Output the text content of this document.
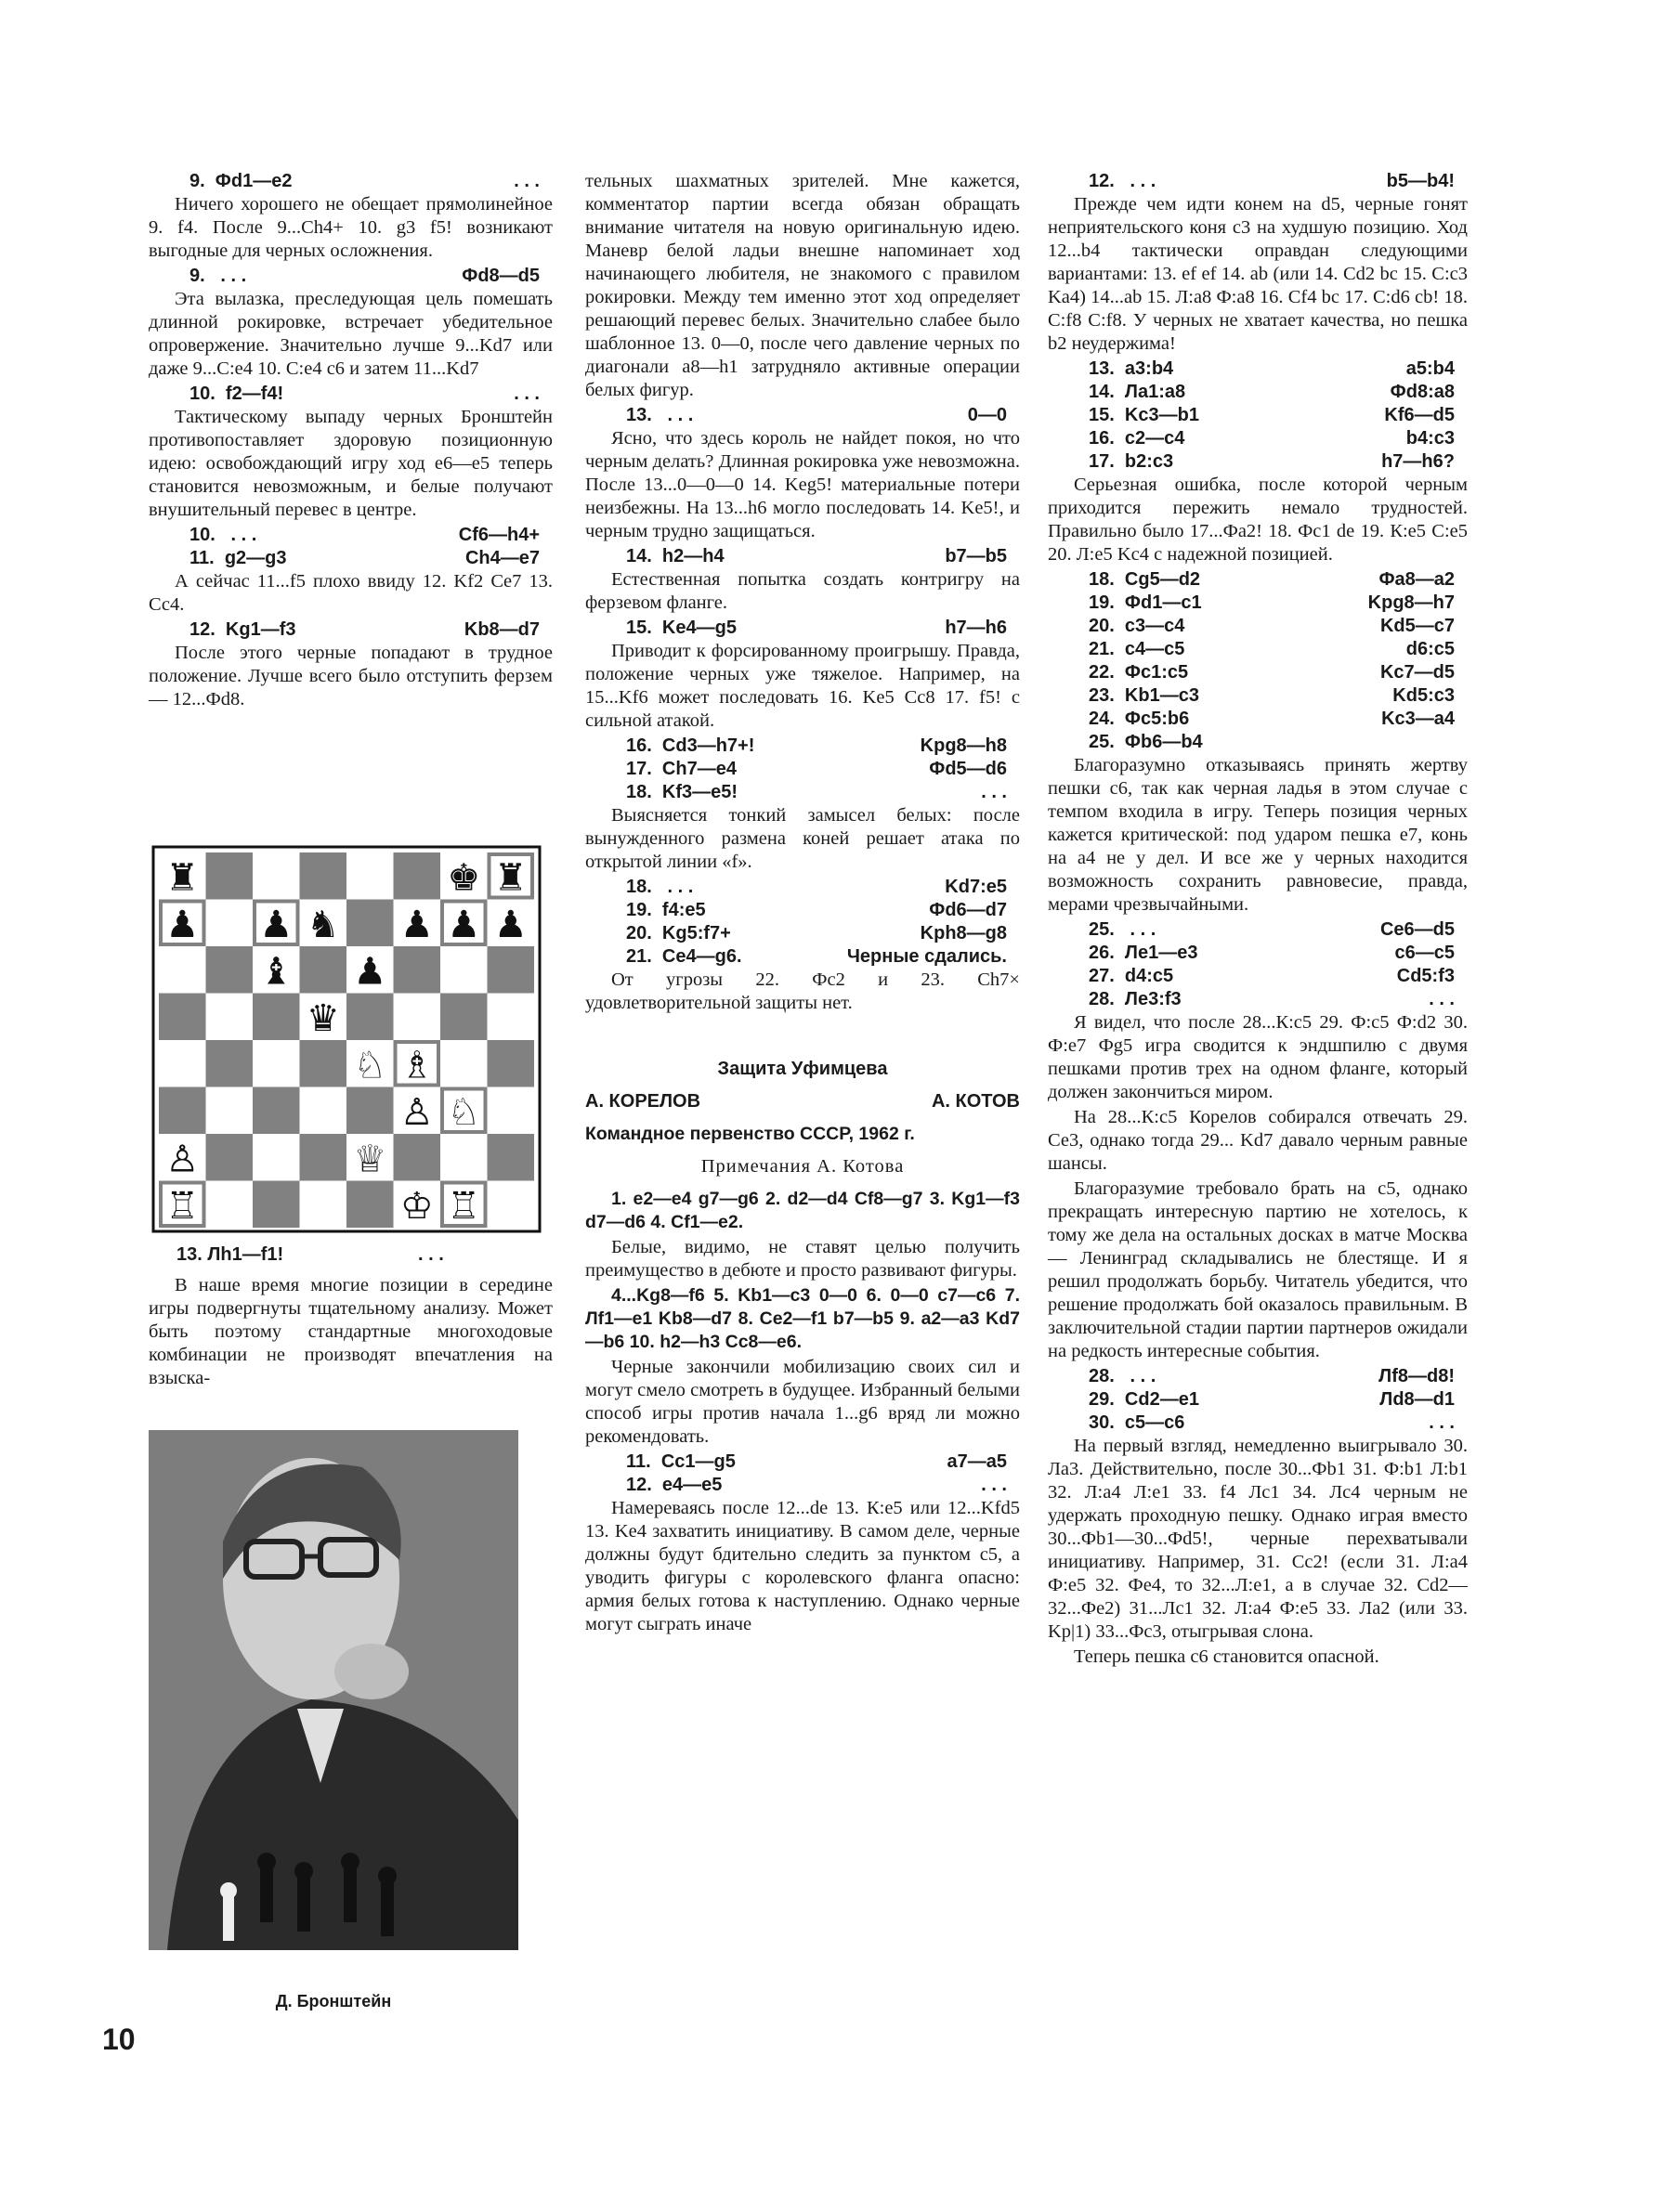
9.  Фd1—e2	. . .

Ничего хорошего не обещает прямолинейное 9. f4. После 9...Ch4+ 10. g3 f5! возникают выгодные для черных осложнения.

9.   . . .	Фd8—d5

Эта вылазка, преследующая цель помешать длинной рокировке, встречает убедительное опровержение. Значительно лучше 9...Kd7 или даже 9...С:e4 10. С:e4 с6 и затем 11...Kd7

10.  f2—f4!	. . .

Тактическому выпаду черных Бронштейн противопоставляет здоровую позиционную идею: освобождающий игру ход e6—e5 теперь становится невозможным, и белые получают внушительный перевес в центре.

10.   . . .	Cf6—h4+
11.  g2—g3	Ch4—e7

А сейчас 11...f5 плохо ввиду 12. Kf2 Ce7 13. Сс4.

12.  Kg1—f3	Kb8—d7

После этого черные попадают в трудное положение. Лучше всего было отступить ферзем — 12...Фd8.

♜	♚ ♜
♟ ♟ ♞ ♟ ♟ ♟
♝ ♟
♛
♘ ♗
♙ ♘
♙	♕
♖	♔ ♖
13. Лh1—f1!	. . .

В наше время многие позиции в середине игры подвергнуты тщательному анализу. Может быть поэтому стандартные многоходовые комбинации не производят впечатления на взыска-

Д. Бронштейн

тельных шахматных зрителей. Мне кажется, комментатор партии всегда обязан обращать внимание читателя на новую оригинальную идею. Маневр белой ладьи внешне напоминает ход начинающего любителя, не знакомого с правилом рокировки. Между тем именно этот ход определяет решающий перевес белых. Значительно слабее было шаблонное 13. 0—0, после чего давление черных по диагонали a8—h1 затрудняло активные операции белых фигур.

13.   . . .	0—0

Ясно, что здесь король не найдет покоя, но что черным делать? Длинная рокировка уже невозможна. После 13...0—0—0 14. Keg5! материальные потери неизбежны. На 13...h6 могло последовать 14. Ke5!, и черным трудно защищаться.

14.  h2—h4	b7—b5

Естественная попытка создать контригру на ферзевом фланге.

15.  Ke4—g5	h7—h6

Приводит к форсированному проигрышу. Правда, положение черных уже тяжелое. Например, на 15...Kf6 может последовать 16. Ke5 Cc8 17. f5! с сильной атакой.

16.  Cd3—h7+!	Kpg8—h8
17.  Ch7—e4	Фd5—d6
18.  Kf3—e5!	. . .

Выясняется тонкий замысел белых: после вынужденного размена коней решает атака по открытой линии «f».

18.   . . .	Kd7:e5
19.  f4:e5	Фd6—d7
20.  Kg5:f7+	Kph8—g8
21.  Ce4—g6.	Черные сдались.

От угрозы 22. Фс2 и 23. Ch7× удовлетворительной защиты нет.

Защита Уфимцева
А. КОРЕЛОВ	А. КОТОВ
Командное первенство СССР, 1962 г.
Примечания А. Котова

1. e2—e4 g7—g6 2. d2—d4 Cf8—g7 3. Kg1—f3 d7—d6 4. Cf1—e2.

Белые, видимо, не ставят целью получить преимущество в дебюте и просто развивают фигуры.

4...Kg8—f6 5. Kb1—c3 0—0 6. 0—0 c7—c6 7. Лf1—e1 Kb8—d7 8. Ce2—f1 b7—b5 9. a2—a3 Kd7—b6 10. h2—h3 Cc8—e6.

Черные закончили мобилизацию своих сил и могут смело смотреть в будущее. Избранный белыми способ игры против начала 1...g6 вряд ли можно рекомендовать.

11.  Cc1—g5	a7—a5
12.  e4—e5	. . .

Намереваясь после 12...de 13. К:e5 или 12...Kfd5 13. Ke4 захватить инициативу. В самом деле, черные должны будут бдительно следить за пунктом c5, а уводить фигуры с королевского фланга опасно: армия белых готова к наступлению. Однако черные могут сыграть иначе

12.   . . .	b5—b4!

Прежде чем идти конем на d5, черные гонят неприятельского коня c3 на худшую позицию. Ход 12...b4 тактически оправдан следующими вариантами: 13. ef ef 14. ab (или 14. Cd2 bc 15. С:c3 Ka4) 14...ab 15. Л:a8 Ф:a8 16. Cf4 bc 17. С:d6 cb! 18. С:f8 С:f8. У черных не хватает качества, но пешка b2 неудержима!

13.  a3:b4	a5:b4
14.  Лa1:a8	Фd8:a8
15.  Kc3—b1	Kf6—d5
16.  c2—c4	b4:c3
17.  b2:c3	h7—h6?

Серьезная ошибка, после которой черным приходится пережить немало трудностей. Правильно было 17...Фa2! 18. Фс1 de 19. К:e5 С:e5 20. Л:e5 Kc4 с надежной позицией.

18.  Cg5—d2	Фa8—a2
19.  Фd1—c1	Kpg8—h7
20.  c3—c4	Kd5—c7
21.  c4—c5	d6:c5
22.  Фc1:c5	Kc7—d5
23.  Kb1—c3	Kd5:c3
24.  Фc5:b6	Kc3—a4
25.  Фb6—b4

Благоразумно отказываясь принять жертву пешки c6, так как черная ладья в этом случае с темпом входила в игру. Теперь позиция черных кажется критической: под ударом пешка e7, конь на a4 не у дел. И все же у черных находится возможность сохранить равновесие, правда, мерами чрезвычайными.

25.   . . .	Ce6—d5
26.  Лe1—e3	c6—c5
27.  d4:c5	Cd5:f3
28.  Лe3:f3	. . .

Я видел, что после 28...К:c5 29. Ф:c5 Ф:d2 30. Ф:e7 Фg5 игра сводится к эндшпилю с двумя пешками против трех на одном фланге, который должен закончиться миром.

На 28...К:c5 Корелов собирался отвечать 29. Се3, однако тогда 29... Kd7 давало черным равные шансы.

Благоразумие требовало брать на c5, однако прекращать интересную партию не хотелось, к тому же дела на остальных досках в матче Москва — Ленинград складывались не блестяще. И я решил продолжать борьбу. Читатель убедится, что решение продолжать бой оказалось правильным. В заключительной стадии партии партнеров ожидали на редкость интересные события.

28.   . . .	Лf8—d8!
29.  Cd2—e1	Лd8—d1
30.  c5—c6	. . .

На первый взгляд, немедленно выигрывало 30. Лa3. Действительно, после 30...Фb1 31. Ф:b1 Л:b1 32. Л:a4 Л:e1 33. f4 Лc1 34. Лc4 черным не удержать проходную пешку. Однако играя вместо 30...Фb1—30...Фd5!, черные перехватывали инициативу. Например, 31. Cc2! (если 31. Л:a4 Ф:e5 32. Фe4, то 32...Л:e1, а в случае 32. Cd2—32...Фe2) 31...Лc1 32. Л:a4 Ф:e5 33. Лa2 (или 33. Kp|1) 33...Фc3, отыгрывая слона.

Теперь пешка c6 становится опасной.

10
